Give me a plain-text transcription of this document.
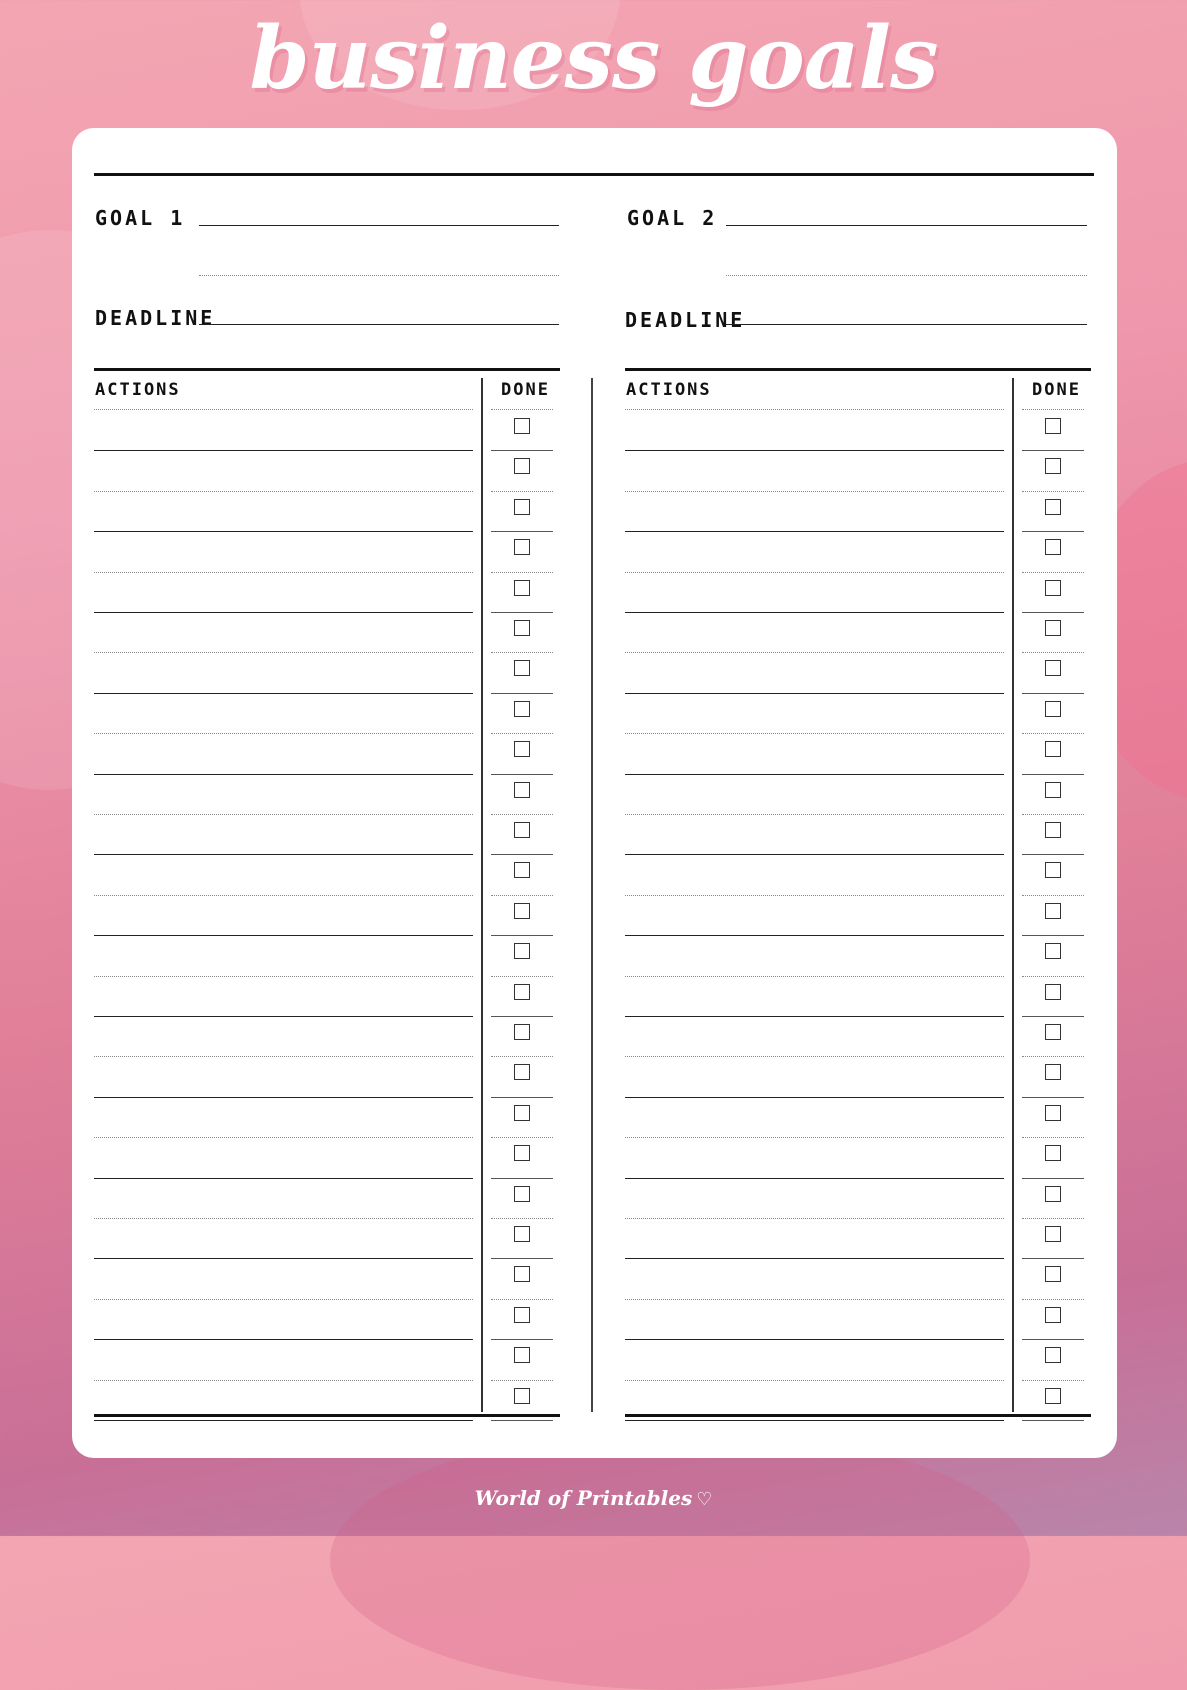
business goals
GOAL 1
DEADLINE
ACTIONS	DONE
GOAL 2
DEADLINE
ACTIONS	DONE
World of Printables ♡
